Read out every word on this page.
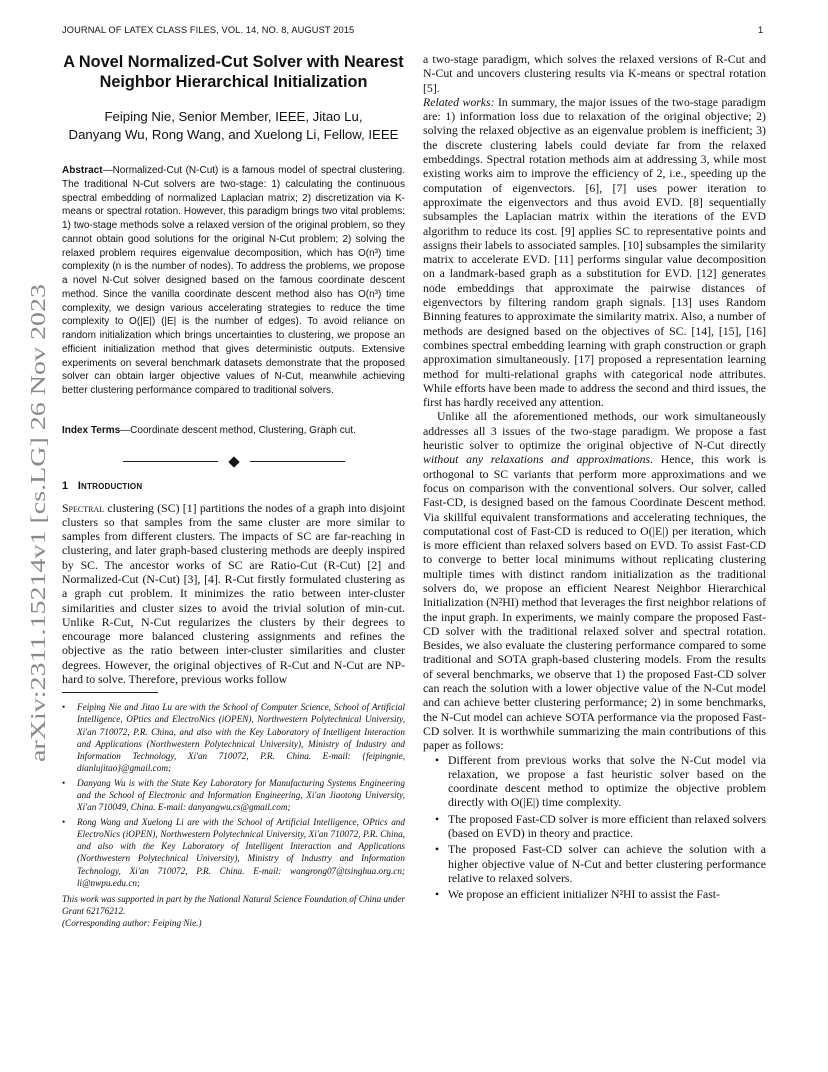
JOURNAL OF LATEX CLASS FILES, VOL. 14, NO. 8, AUGUST 2015	1
arXiv:2311.15214v1 [cs.LG] 26 Nov 2023
A Novel Normalized-Cut Solver with Nearest Neighbor Hierarchical Initialization
Feiping Nie, Senior Member, IEEE, Jitao Lu,
Danyang Wu, Rong Wang, and Xuelong Li, Fellow, IEEE

Abstract—Normalized-Cut (N-Cut) is a famous model of spectral clustering. The traditional N-Cut solvers are two-stage: 1) calculating the continuous spectral embedding of normalized Laplacian matrix; 2) discretization via K-means or spectral rotation. However, this paradigm brings two vital problems: 1) two-stage methods solve a relaxed version of the original problem, so they cannot obtain good solutions for the original N-Cut problem; 2) solving the relaxed problem requires eigenvalue decomposition, which has O(n³) time complexity (n is the number of nodes). To address the problems, we propose a novel N-Cut solver designed based on the famous coordinate descent method. Since the vanilla coordinate descent method also has O(n³) time complexity, we design various accelerating strategies to reduce the time complexity to O(|E|) (|E| is the number of edges). To avoid reliance on random initialization which brings uncertainties to clustering, we propose an efficient initialization method that gives deterministic outputs. Extensive experiments on several benchmark datasets demonstrate that the proposed solver can obtain larger objective values of N-Cut, meanwhile achieving better clustering performance compared to traditional solvers.

Index Terms—Coordinate descent method, Clustering, Graph cut.

1 Introduction

Spectral clustering (SC) [1] partitions the nodes of a graph into disjoint clusters so that samples from the same cluster are more similar to samples from different clusters. The impacts of SC are far-reaching in clustering, and later graph-based clustering methods are deeply inspired by SC. The ancestor works of SC are Ratio-Cut (R-Cut) [2] and Normalized-Cut (N-Cut) [3], [4]. R-Cut firstly formulated clustering as a graph cut problem. It minimizes the ratio between inter-cluster similarities and cluster sizes to avoid the trivial solution of min-cut. Unlike R-Cut, N-Cut regularizes the clusters by their degrees to encourage more balanced clustering assignments and refines the objective as the ratio between inter-cluster similarities and cluster degrees. However, the original objectives of R-Cut and N-Cut are NP-hard to solve. Therefore, previous works follow

• Feiping Nie and Jitao Lu are with the School of Computer Science, School of Artificial Intelligence, OPtics and ElectroNics (iOPEN), Northwestern Polytechnical University, Xi'an 710072, P.R. China, and also with the Key Laboratory of Intelligent Interaction and Applications (Northwestern Polytechnical University), Ministry of Industry and Information Technology, Xi'an 710072, P.R. China. E-mail: {feipingnie, dianlujitao}@gmail.com;
• Danyang Wu is with the State Key Laboratory for Manufacturing Systems Engineering and the School of Electronic and Information Engineering, Xi'an Jiaotong University, Xi'an 710049, China. E-mail: danyangwu.cs@gmail.com;
• Rong Wang and Xuelong Li are with the School of Artificial Intelligence, OPtics and ElectroNics (iOPEN), Northwestern Polytechnical University, Xi'an 710072, P.R. China, and also with the Key Laboratory of Intelligent Interaction and Applications (Northwestern Polytechnical University), Ministry of Industry and Information Technology, Xi'an 710072, P.R. China. E-mail: wangrong07@tsinghua.org.cn; li@nwpu.edu.cn;

This work was supported in part by the National Natural Science Foundation of China under Grant 62176212.

(Corresponding author: Feiping Nie.)

a two-stage paradigm, which solves the relaxed versions of R-Cut and N-Cut and uncovers clustering results via K-means or spectral rotation [5].

Related works: In summary, the major issues of the two-stage paradigm are: 1) information loss due to relaxation of the original objective; 2) solving the relaxed objective as an eigenvalue problem is inefficient; 3) the discrete clustering labels could deviate far from the relaxed embeddings. Spectral rotation methods aim at addressing 3, while most existing works aim to improve the efficiency of 2, i.e., speeding up the computation of eigenvectors. [6], [7] uses power iteration to approximate the eigenvectors and thus avoid EVD. [8] sequentially subsamples the Laplacian matrix within the iterations of the EVD algorithm to reduce its cost. [9] applies SC to representative points and assigns their labels to associated samples. [10] subsamples the similarity matrix to accelerate EVD. [11] performs singular value decomposition on a landmark-based graph as a substitution for EVD. [12] generates node embeddings that approximate the pairwise distances of eigenvectors by filtering random graph signals. [13] uses Random Binning features to approximate the similarity matrix. Also, a number of methods are designed based on the objectives of SC. [14], [15], [16] combines spectral embedding learning with graph construction or graph approximation simultaneously. [17] proposed a representation learning method for multi-relational graphs with categorical node attributes. While efforts have been made to address the second and third issues, the first has hardly received any attention.

Unlike all the aforementioned methods, our work simultaneously addresses all 3 issues of the two-stage paradigm. We propose a fast heuristic solver to optimize the original objective of N-Cut directly without any relaxations and approximations. Hence, this work is orthogonal to SC variants that perform more approximations and we focus on comparison with the conventional solvers. Our solver, called Fast-CD, is designed based on the famous Coordinate Descent method. Via skillful equivalent transformations and accelerating techniques, the computational cost of Fast-CD is reduced to O(|E|) per iteration, which is more efficient than relaxed solvers based on EVD. To assist Fast-CD to converge to better local minimums without replicating clustering multiple times with distinct random initialization as the traditional solvers do, we propose an efficient Nearest Neighbor Hierarchical Initialization (N²HI) method that leverages the first neighbor relations of the input graph. In experiments, we mainly compare the proposed Fast-CD solver with the traditional relaxed solver and spectral rotation. Besides, we also evaluate the clustering performance compared to some traditional and SOTA graph-based clustering models. From the results of several benchmarks, we observe that 1) the proposed Fast-CD solver can reach the solution with a lower objective value of the N-Cut model and can achieve better clustering performance; 2) in some benchmarks, the N-Cut model can achieve SOTA performance via the proposed Fast-CD solver. It is worthwhile summarizing the main contributions of this paper as follows:

• Different from previous works that solve the N-Cut model via relaxation, we propose a fast heuristic solver based on the coordinate descent method to optimize the objective problem directly with O(|E|) time complexity.
• The proposed Fast-CD solver is more efficient than relaxed solvers (based on EVD) in theory and practice.
• The proposed Fast-CD solver can achieve the solution with a higher objective value of N-Cut and better clustering performance relative to relaxed solvers.
• We propose an efficient initializer N²HI to assist the Fast-
